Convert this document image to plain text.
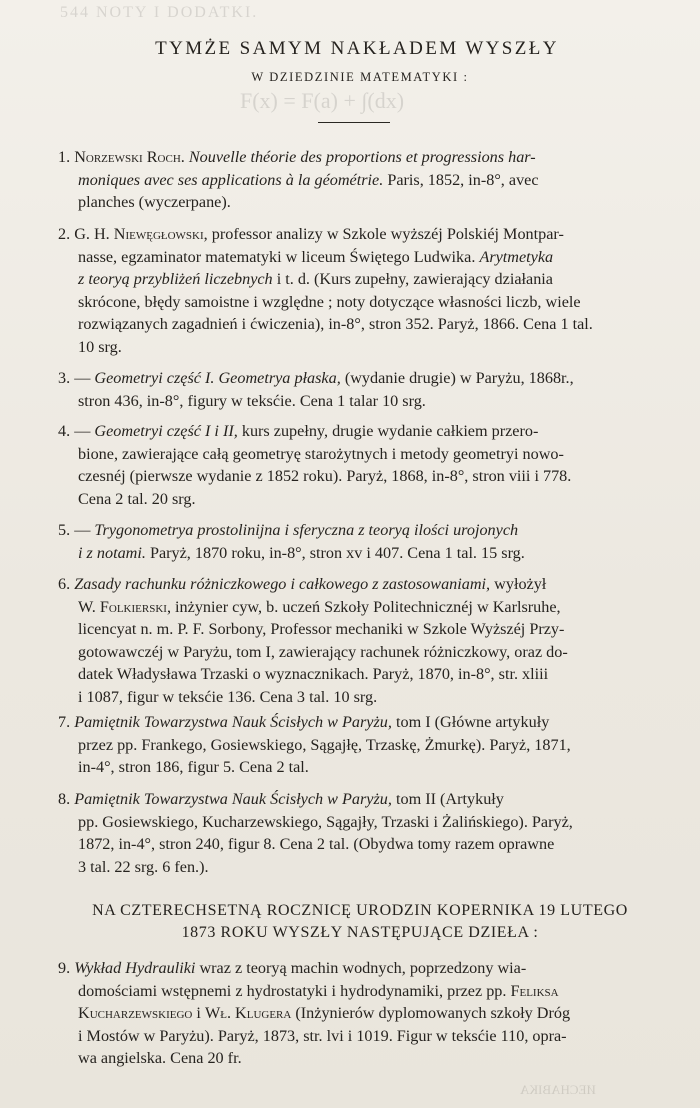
544 NOTY I DODATKI.
F(x) = F(a) + ∫(dx)
ИЕСНАВIКА
TYMŻE SAMYM NAKŁADEM WYSZŁY
W DZIEDZINIE MATEMATYKI :
1. Norzewski Roch. Nouvelle théorie des proportions et progressions har-
moniques avec ses applications à la géométrie. Paris, 1852, in-8°, avec
planches (wyczerpane).
2. G. H. Niewęgłowski, professor analizy w Szkole wyższéj Polskiéj Montpar-
nasse, egzaminator matematyki w liceum Świętego Ludwika. Arytmetyka
z teoryą przybliżeń liczebnych i t. d. (Kurs zupełny, zawierający działania
skrócone, błędy samoistne i względne ; noty dotyczące własności liczb, wiele
rozwiązanych zagadnień i ćwiczenia), in-8°, stron 352. Paryż, 1866. Cena 1 tal.
10 srg.
3. — Geometryi część I. Geometrya płaska, (wydanie drugie) w Paryżu, 1868r.,
stron 436, in-8°, figury w teksćie. Cena 1 talar 10 srg.
4. — Geometryi część I i II, kurs zupełny, drugie wydanie całkiem przero-
bione, zawierające całą geometryę starożytnych i metody geometryi nowo-
czesnéj (pierwsze wydanie z 1852 roku). Paryż, 1868, in-8°, stron viii i 778.
Cena 2 tal. 20 srg.
5. — Trygonometrya prostolinijna i sferyczna z teoryą ilości urojonych
i z notami. Paryż, 1870 roku, in-8°, stron xv i 407. Cena 1 tal. 15 srg.
6. Zasady rachunku różniczkowego i całkowego z zastosowaniami, wyłożył
W. Folkierski, inżynier cyw, b. uczeń Szkoły Politechnicznéj w Karlsruhe,
licencyat n. m. P. F. Sorbony, Professor mechaniki w Szkole Wyższéj Przy-
gotowawczéj w Paryżu, tom I, zawierający rachunek różniczkowy, oraz do-
datek Władysława Trzaski o wyznacznikach. Paryż, 1870, in-8°, str. xliii
i 1087, figur w teksćie 136. Cena 3 tal. 10 srg.
7. Pamiętnik Towarzystwa Nauk Ścisłych w Paryżu, tom I (Główne artykuły
przez pp. Frankego, Gosiewskiego, Sągajłę, Trzaskę, Żmurkę). Paryż, 1871,
in-4°, stron 186, figur 5. Cena 2 tal.
8. Pamiętnik Towarzystwa Nauk Ścisłych w Paryżu, tom II (Artykuły
pp. Gosiewskiego, Kucharzewskiego, Sągajły, Trzaski i Żalińskiego). Paryż,
1872, in-4°, stron 240, figur 8. Cena 2 tal. (Obydwa tomy razem oprawne
3 tal. 22 srg. 6 fen.).
NA CZTERECHSETNĄ ROCZNICĘ URODZIN KOPERNIKA 19 LUTEGO
1873 ROKU WYSZŁY NASTĘPUJĄCE DZIEŁA :
9. Wykład Hydrauliki wraz z teoryą machin wodnych, poprzedzony wia-
domościami wstępnemi z hydrostatyki i hydrodynamiki, przez pp. Feliksa
Kucharzewskiego i Wł. Klugera (Inżynierów dyplomowanych szkoły Dróg
i Mostów w Paryżu). Paryż, 1873, str. lvi i 1019. Figur w teksćie 110, opra-
wa angielska. Cena 20 fr.
